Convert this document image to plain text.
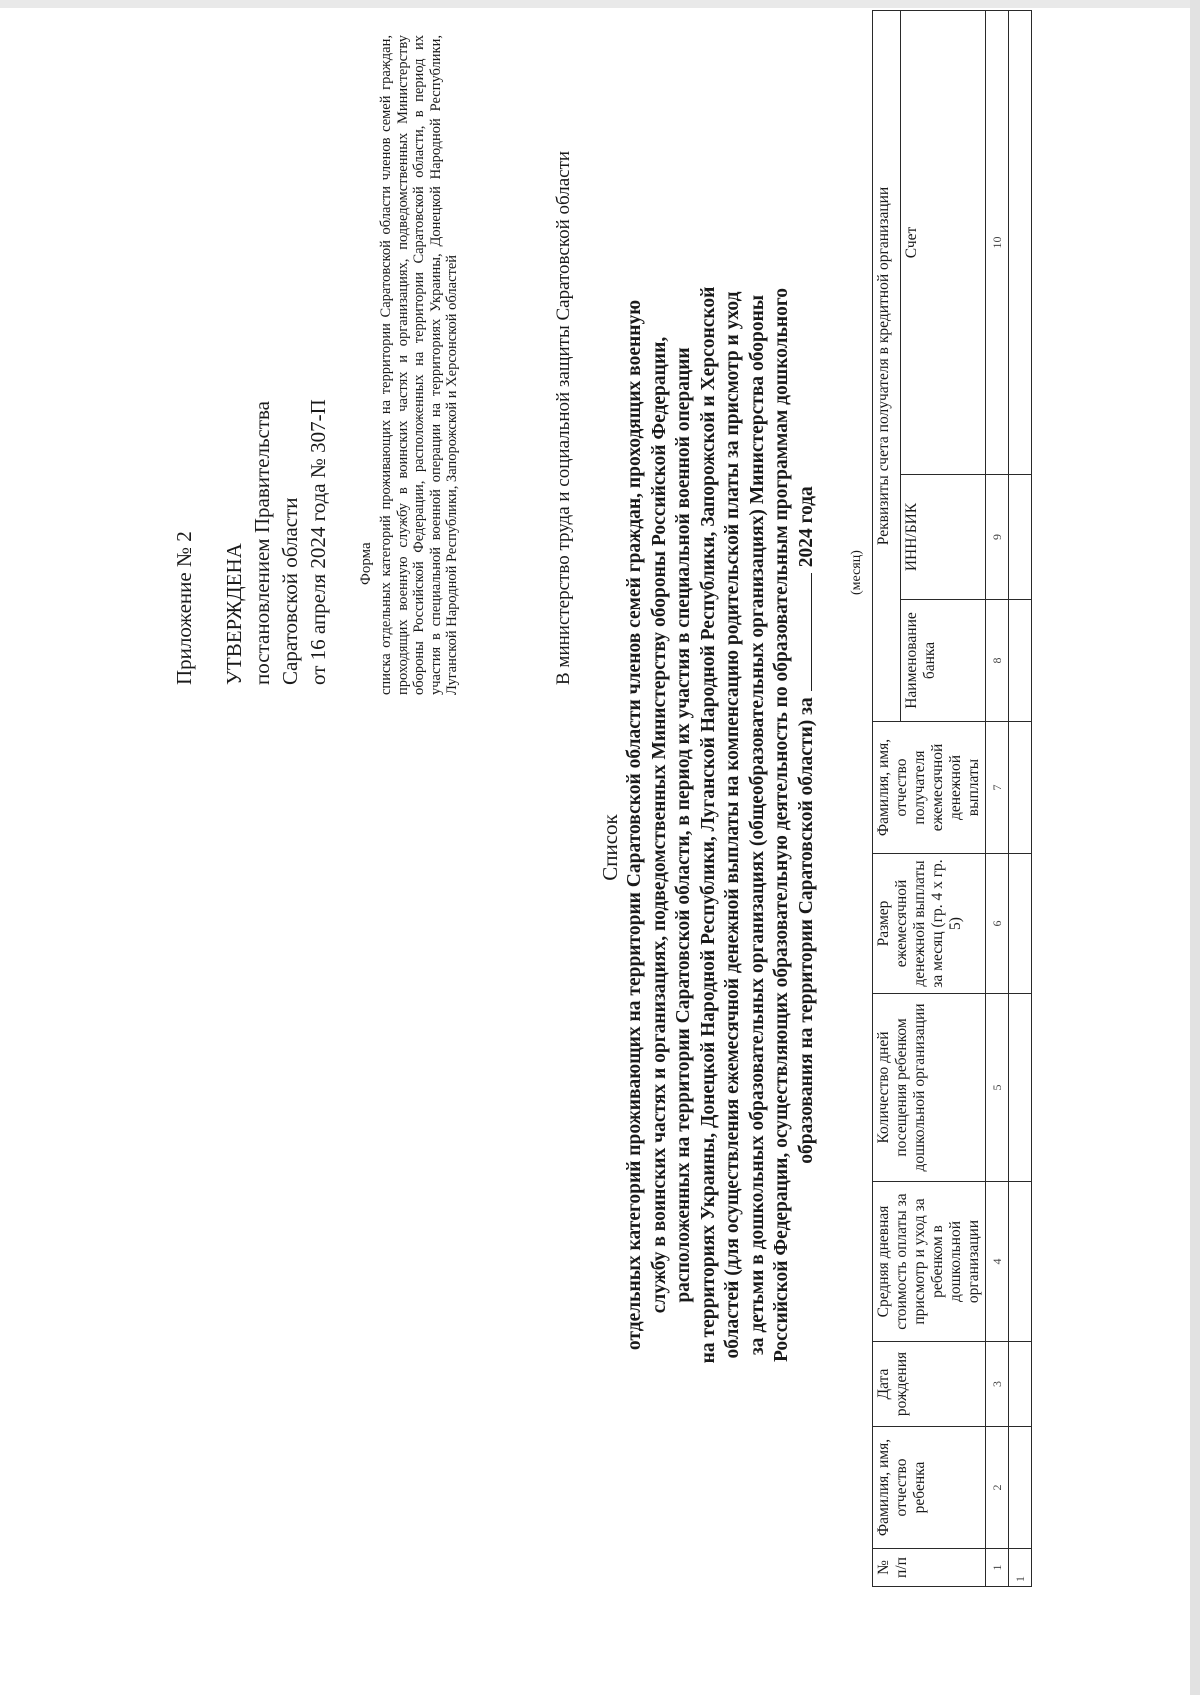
Приложение № 2 УТВЕРЖДЕНА постановлением Правительства Саратовской области от 16 апреля 2024 года № 307-П Форма списка отдельных категорий проживающих на территории Саратовской области членов семей граждан, проходящих военную службу в воинских частях и организациях, подведомственных Министерству обороны Российской Федерации, расположенных на территории Саратовской области, в период их участия в специальной военной операции на территориях Украины, Донецкой Народной Республики, Луганской Народной Республики, Запорожской и Херсонской областей	В министерство труда и социальной защиты Саратовской области
Список отдельных категорий проживающих на территории Саратовской области членов семей граждан, проходящих военную службу в воинских частях и организациях, подведомственных Министерству обороны Российской Федерации, расположенных на территории Саратовской области, в период их участия в специальной военной операции на территориях Украины, Донецкой Народной Республики, Луганской Народной Республики, Запорожской и Херсонской областей (для осуществления ежемесячной денежной выплаты на компенсацию родительской платы за присмотр и уход за детьми в дошкольных образовательных организациях (общеобразовательных организациях) Министерства обороны Российской Федерации, осуществляющих образовательную деятельность по образовательным программам дошкольного образования на территории Саратовской области) за2024 года
(месяц)
№ п/п	Фамилия, имя, отчество ребенка	Дата рождения	Средняя дневная стоимость оплаты за присмотр и уход за ребенком в дошкольной организации	Количество дней посещения ребенком дошкольной организации	Размер ежемесячной денежной выплаты за месяц (гр. 4 х гр. 5)	Фамилия, имя, отчество получателя ежемесячной денежной выплаты	Реквизиты счета получателя в кредитной организации		
							Наименование банка	ИНН/БИК	Счет
1	2	3	4	5	6	7	8	9	10
1									
